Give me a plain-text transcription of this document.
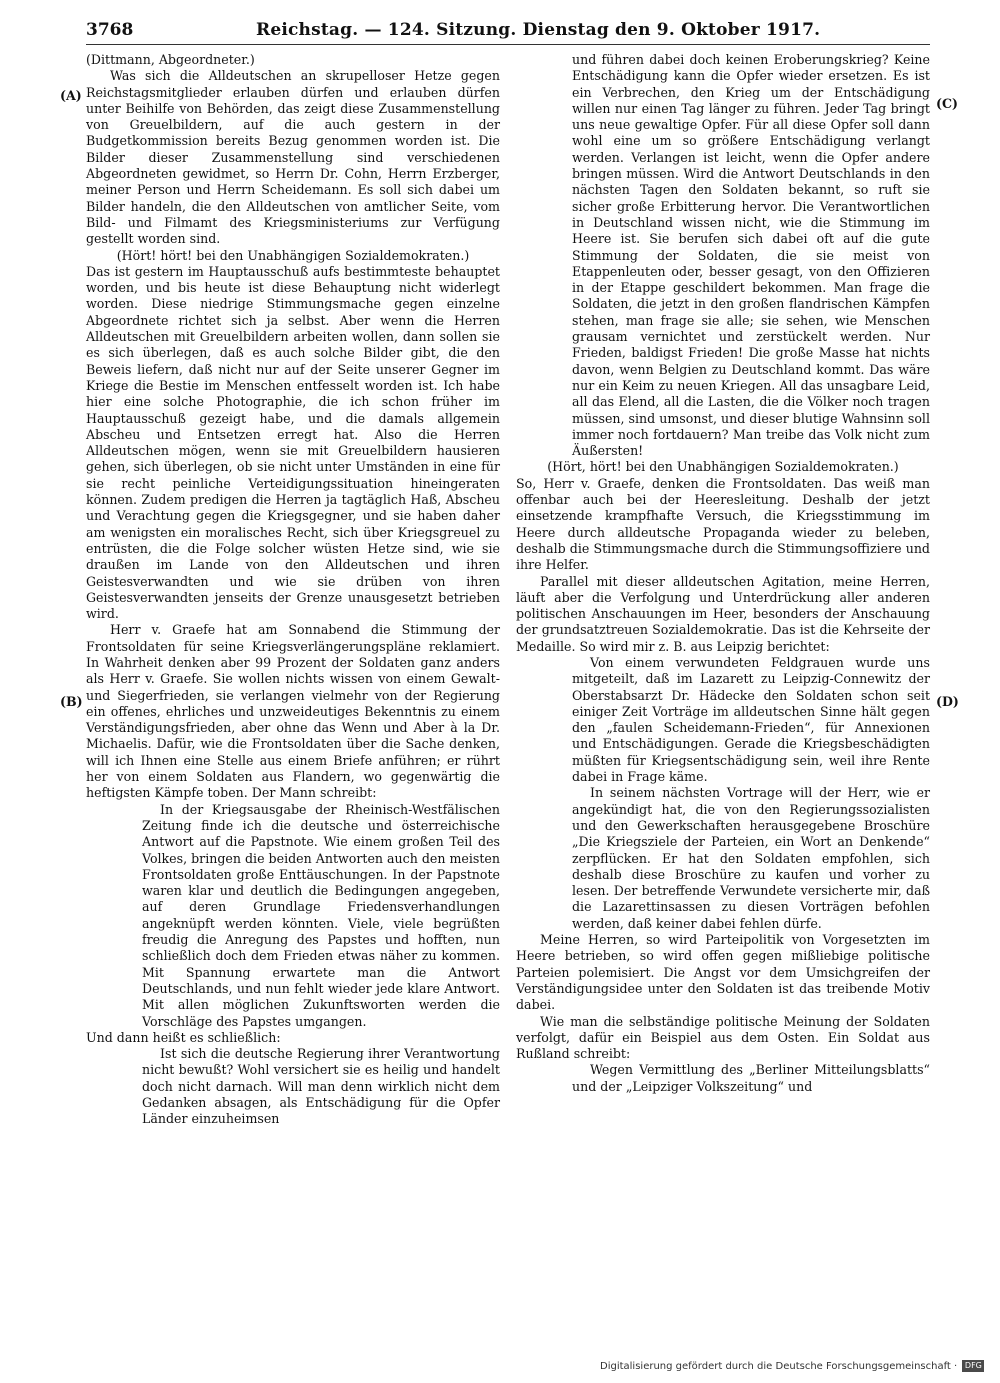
3768	Reichstag. — 124. Sitzung. Dienstag den 9. Oktober 1917.
(A)
(B)
(C)
(D)

(Dittmann, Abgeordneter.)

Was sich die Alldeutschen an skrupelloser Hetze gegen Reichstagsmitglieder erlauben dürfen und erlauben dürfen unter Beihilfe von Behörden, das zeigt diese Zusammenstellung von Greuelbildern, auf die auch gestern in der Budgetkommission bereits Bezug genommen worden ist. Die Bilder dieser Zusammenstellung sind verschiedenen Abgeordneten gewidmet, so Herrn Dr. Cohn, Herrn Erzberger, meiner Person und Herrn Scheidemann. Es soll sich dabei um Bilder handeln, die den Alldeutschen von amtlicher Seite, vom Bild- und Filmamt des Kriegsministeriums zur Verfügung gestellt worden sind.

(Hört! hört! bei den Unabhängigen Sozialdemokraten.)

Das ist gestern im Hauptausschuß aufs bestimmteste behauptet worden, und bis heute ist diese Behauptung nicht widerlegt worden. Diese niedrige Stimmungsmache gegen einzelne Abgeordnete richtet sich ja selbst. Aber wenn die Herren Alldeutschen mit Greuelbildern arbeiten wollen, dann sollen sie es sich überlegen, daß es auch solche Bilder gibt, die den Beweis liefern, daß nicht nur auf der Seite unserer Gegner im Kriege die Bestie im Menschen entfesselt worden ist. Ich habe hier eine solche Photographie, die ich schon früher im Hauptausschuß gezeigt habe, und die damals allgemein Abscheu und Entsetzen erregt hat. Also die Herren Alldeutschen mögen, wenn sie mit Greuelbildern hausieren gehen, sich überlegen, ob sie nicht unter Umständen in eine für sie recht peinliche Verteidigungssituation hineingeraten können. Zudem predigen die Herren ja tagtäglich Haß, Abscheu und Verachtung gegen die Kriegsgegner, und sie haben daher am wenigsten ein moralisches Recht, sich über Kriegsgreuel zu entrüsten, die die Folge solcher wüsten Hetze sind, wie sie draußen im Lande von den Alldeutschen und ihren Geistesverwandten und wie sie drüben von ihren Geistesverwandten jenseits der Grenze unausgesetzt betrieben wird.

Herr v. Graefe hat am Sonnabend die Stimmung der Frontsoldaten für seine Kriegsverlängerungspläne reklamiert. In Wahrheit denken aber 99 Prozent der Soldaten ganz anders als Herr v. Graefe. Sie wollen nichts wissen von einem Gewalt- und Siegerfrieden, sie verlangen vielmehr von der Regierung ein offenes, ehrliches und unzweideutiges Bekenntnis zu einem Verständigungsfrieden, aber ohne das Wenn und Aber à la Dr. Michaelis. Dafür, wie die Frontsoldaten über die Sache denken, will ich Ihnen eine Stelle aus einem Briefe anführen; er rührt her von einem Soldaten aus Flandern, wo gegenwärtig die heftigsten Kämpfe toben. Der Mann schreibt:

In der Kriegsausgabe der Rheinisch-Westfälischen Zeitung finde ich die deutsche und österreichische Antwort auf die Papstnote. Wie einem großen Teil des Volkes, bringen die beiden Antworten auch den meisten Frontsoldaten große Enttäuschungen. In der Papstnote waren klar und deutlich die Bedingungen angegeben, auf deren Grundlage Friedensverhandlungen angeknüpft werden könnten. Viele, viele begrüßten freudig die Anregung des Papstes und hofften, nun schließlich doch dem Frieden etwas näher zu kommen. Mit Spannung erwartete man die Antwort Deutschlands, und nun fehlt wieder jede klare Antwort. Mit allen möglichen Zukunftsworten werden die Vorschläge des Papstes umgangen.

Und dann heißt es schließlich:

Ist sich die deutsche Regierung ihrer Verantwortung nicht bewußt? Wohl versichert sie es heilig und handelt doch nicht darnach. Will man denn wirklich nicht dem Gedanken absagen, als Entschädigung für die Opfer Länder einzuheimsen

und führen dabei doch keinen Eroberungskrieg? Keine Entschädigung kann die Opfer wieder ersetzen. Es ist ein Verbrechen, den Krieg um der Entschädigung willen nur einen Tag länger zu führen. Jeder Tag bringt uns neue gewaltige Opfer. Für all diese Opfer soll dann wohl eine um so größere Entschädigung verlangt werden. Verlangen ist leicht, wenn die Opfer andere bringen müssen. Wird die Antwort Deutschlands in den nächsten Tagen den Soldaten bekannt, so ruft sie sicher große Erbitterung hervor. Die Verantwortlichen in Deutschland wissen nicht, wie die Stimmung im Heere ist. Sie berufen sich dabei oft auf die gute Stimmung der Soldaten, die sie meist von Etappenleuten oder, besser gesagt, von den Offizieren in der Etappe geschildert bekommen. Man frage die Soldaten, die jetzt in den großen flandrischen Kämpfen stehen, man frage sie alle; sie sehen, wie Menschen grausam vernichtet und zerstückelt werden. Nur Frieden, baldigst Frieden! Die große Masse hat nichts davon, wenn Belgien zu Deutschland kommt. Das wäre nur ein Keim zu neuen Kriegen. All das unsagbare Leid, all das Elend, all die Lasten, die die Völker noch tragen müssen, sind umsonst, und dieser blutige Wahnsinn soll immer noch fortdauern? Man treibe das Volk nicht zum Äußersten!

(Hört, hört! bei den Unabhängigen Sozialdemokraten.)

So, Herr v. Graefe, denken die Frontsoldaten. Das weiß man offenbar auch bei der Heeresleitung. Deshalb der jetzt einsetzende krampfhafte Versuch, die Kriegsstimmung im Heere durch alldeutsche Propaganda wieder zu beleben, deshalb die Stimmungsmache durch die Stimmungsoffiziere und ihre Helfer.

Parallel mit dieser alldeutschen Agitation, meine Herren, läuft aber die Verfolgung und Unterdrückung aller anderen politischen Anschauungen im Heer, besonders der Anschauung der grundsatztreuen Sozialdemokratie. Das ist die Kehrseite der Medaille. So wird mir z. B. aus Leipzig berichtet:

Von einem verwundeten Feldgrauen wurde uns mitgeteilt, daß im Lazarett zu Leipzig-Connewitz der Oberstabsarzt Dr. Hädecke den Soldaten schon seit einiger Zeit Vorträge im alldeutschen Sinne hält gegen den „faulen Scheidemann-Frieden“, für Annexionen und Entschädigungen. Gerade die Kriegsbeschädigten müßten für Kriegsentschädigung sein, weil ihre Rente dabei in Frage käme.

In seinem nächsten Vortrage will der Herr, wie er angekündigt hat, die von den Regierungssozialisten und den Gewerkschaften herausgegebene Broschüre „Die Kriegsziele der Parteien, ein Wort an Denkende“ zerpflücken. Er hat den Soldaten empfohlen, sich deshalb diese Broschüre zu kaufen und vorher zu lesen. Der betreffende Verwundete versicherte mir, daß die Lazarettinsassen zu diesen Vorträgen befohlen werden, daß keiner dabei fehlen dürfe.

Meine Herren, so wird Parteipolitik von Vorgesetzten im Heere betrieben, so wird offen gegen mißliebige politische Parteien polemisiert. Die Angst vor dem Umsichgreifen der Verständigungsidee unter den Soldaten ist das treibende Motiv dabei.

Wie man die selbständige politische Meinung der Soldaten verfolgt, dafür ein Beispiel aus dem Osten. Ein Soldat aus Rußland schreibt:

Wegen Vermittlung des „Berliner Mitteilungsblatts“ und der „Leipziger Volkszeitung“ und

Digitalisierung gefördert durch die Deutsche Forschungsgemeinschaft · DFG
